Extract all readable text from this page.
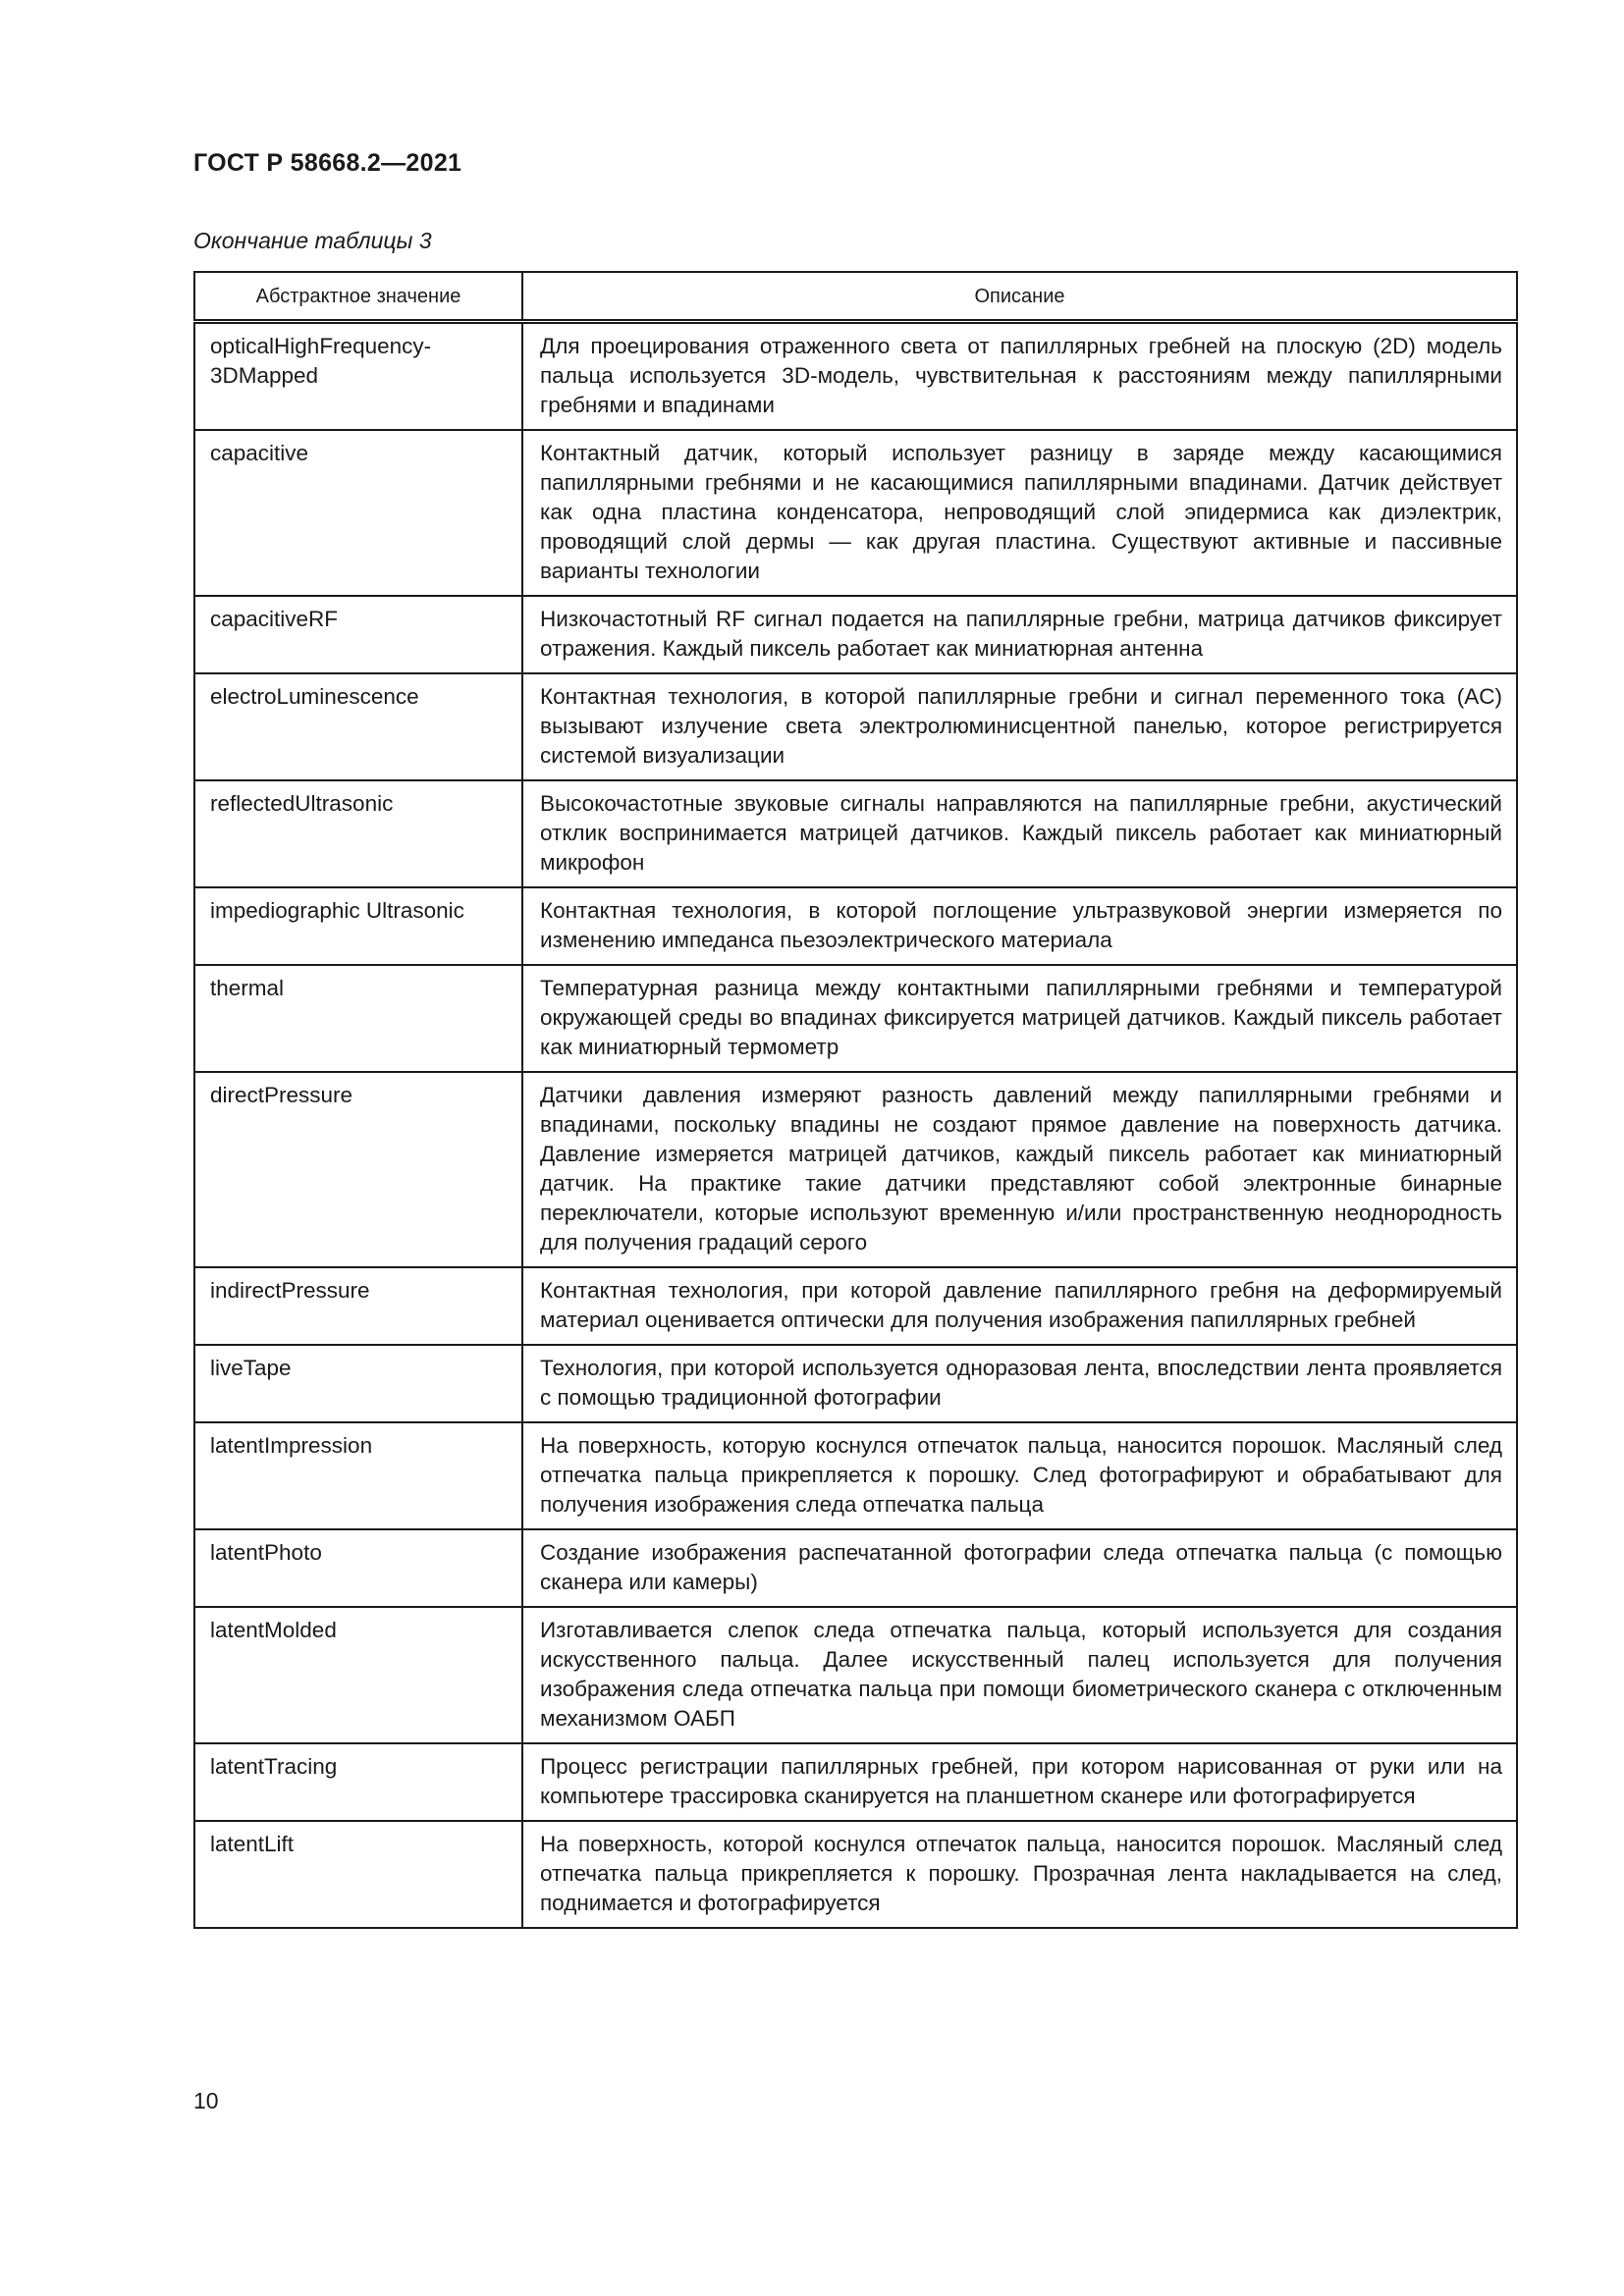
ГОСТ Р 58668.2—2021
Окончание таблицы 3
Абстрактное значение	Описание
opticalHighFrequency-3DMapped	Для проецирования отраженного света от папиллярных гребней на плоскую (2D) модель пальца используется 3D-модель, чувствительная к расстояниям между папиллярными гребнями и впадинами
capacitive	Контактный датчик, который использует разницу в заряде между касающимися папиллярными гребнями и не касающимися папиллярными впадинами. Датчик действует как одна пластина конденсатора, непроводящий слой эпидермиса как диэлектрик, проводящий слой дермы — как другая пластина. Существуют активные и пассивные варианты технологии
capacitiveRF	Низкочастотный RF сигнал подается на папиллярные гребни, матрица датчиков фиксирует отражения. Каждый пиксель работает как миниатюрная антенна
electroLuminescence	Контактная технология, в которой папиллярные гребни и сигнал переменного тока (AC) вызывают излучение света электролюминисцентной панелью, которое регистрируется системой визуализации
reflectedUltrasonic	Высокочастотные звуковые сигналы направляются на папиллярные гребни, акустический отклик воспринимается матрицей датчиков. Каждый пиксель работает как миниатюрный микрофон
impediographic Ultrasonic	Контактная технология, в которой поглощение ультразвуковой энергии измеряется по изменению импеданса пьезоэлектрического материала
thermal	Температурная разница между контактными папиллярными гребнями и температурой окружающей среды во впадинах фиксируется матрицей датчиков. Каждый пиксель работает как миниатюрный термометр
directPressure	Датчики давления измеряют разность давлений между папиллярными гребнями и впадинами, поскольку впадины не создают прямое давление на поверхность датчика. Давление измеряется матрицей датчиков, каждый пиксель работает как миниатюрный датчик. На практике такие датчики представляют собой электронные бинарные переключатели, которые используют временную и/или пространственную неоднородность для получения градаций серого
indirectPressure	Контактная технология, при которой давление папиллярного гребня на деформируемый материал оценивается оптически для получения изображения папиллярных гребней
liveTape	Технология, при которой используется одноразовая лента, впоследствии лента проявляется с помощью традиционной фотографии
latentImpression	На поверхность, которую коснулся отпечаток пальца, наносится порошок. Масляный след отпечатка пальца прикрепляется к порошку. След фотографируют и обрабатывают для получения изображения следа отпечатка пальца
latentPhoto	Создание изображения распечатанной фотографии следа отпечатка пальца (с помощью сканера или камеры)
latentMolded	Изготавливается слепок следа отпечатка пальца, который используется для создания искусственного пальца. Далее искусственный палец используется для получения изображения следа отпечатка пальца при помощи биометрического сканера с отключенным механизмом ОАБП
latentTracing	Процесс регистрации папиллярных гребней, при котором нарисованная от руки или на компьютере трассировка сканируется на планшетном сканере или фотографируется
latentLift	На поверхность, которой коснулся отпечаток пальца, наносится порошок. Масляный след отпечатка пальца прикрепляется к порошку. Прозрачная лента накладывается на след, поднимается и фотографируется
10
